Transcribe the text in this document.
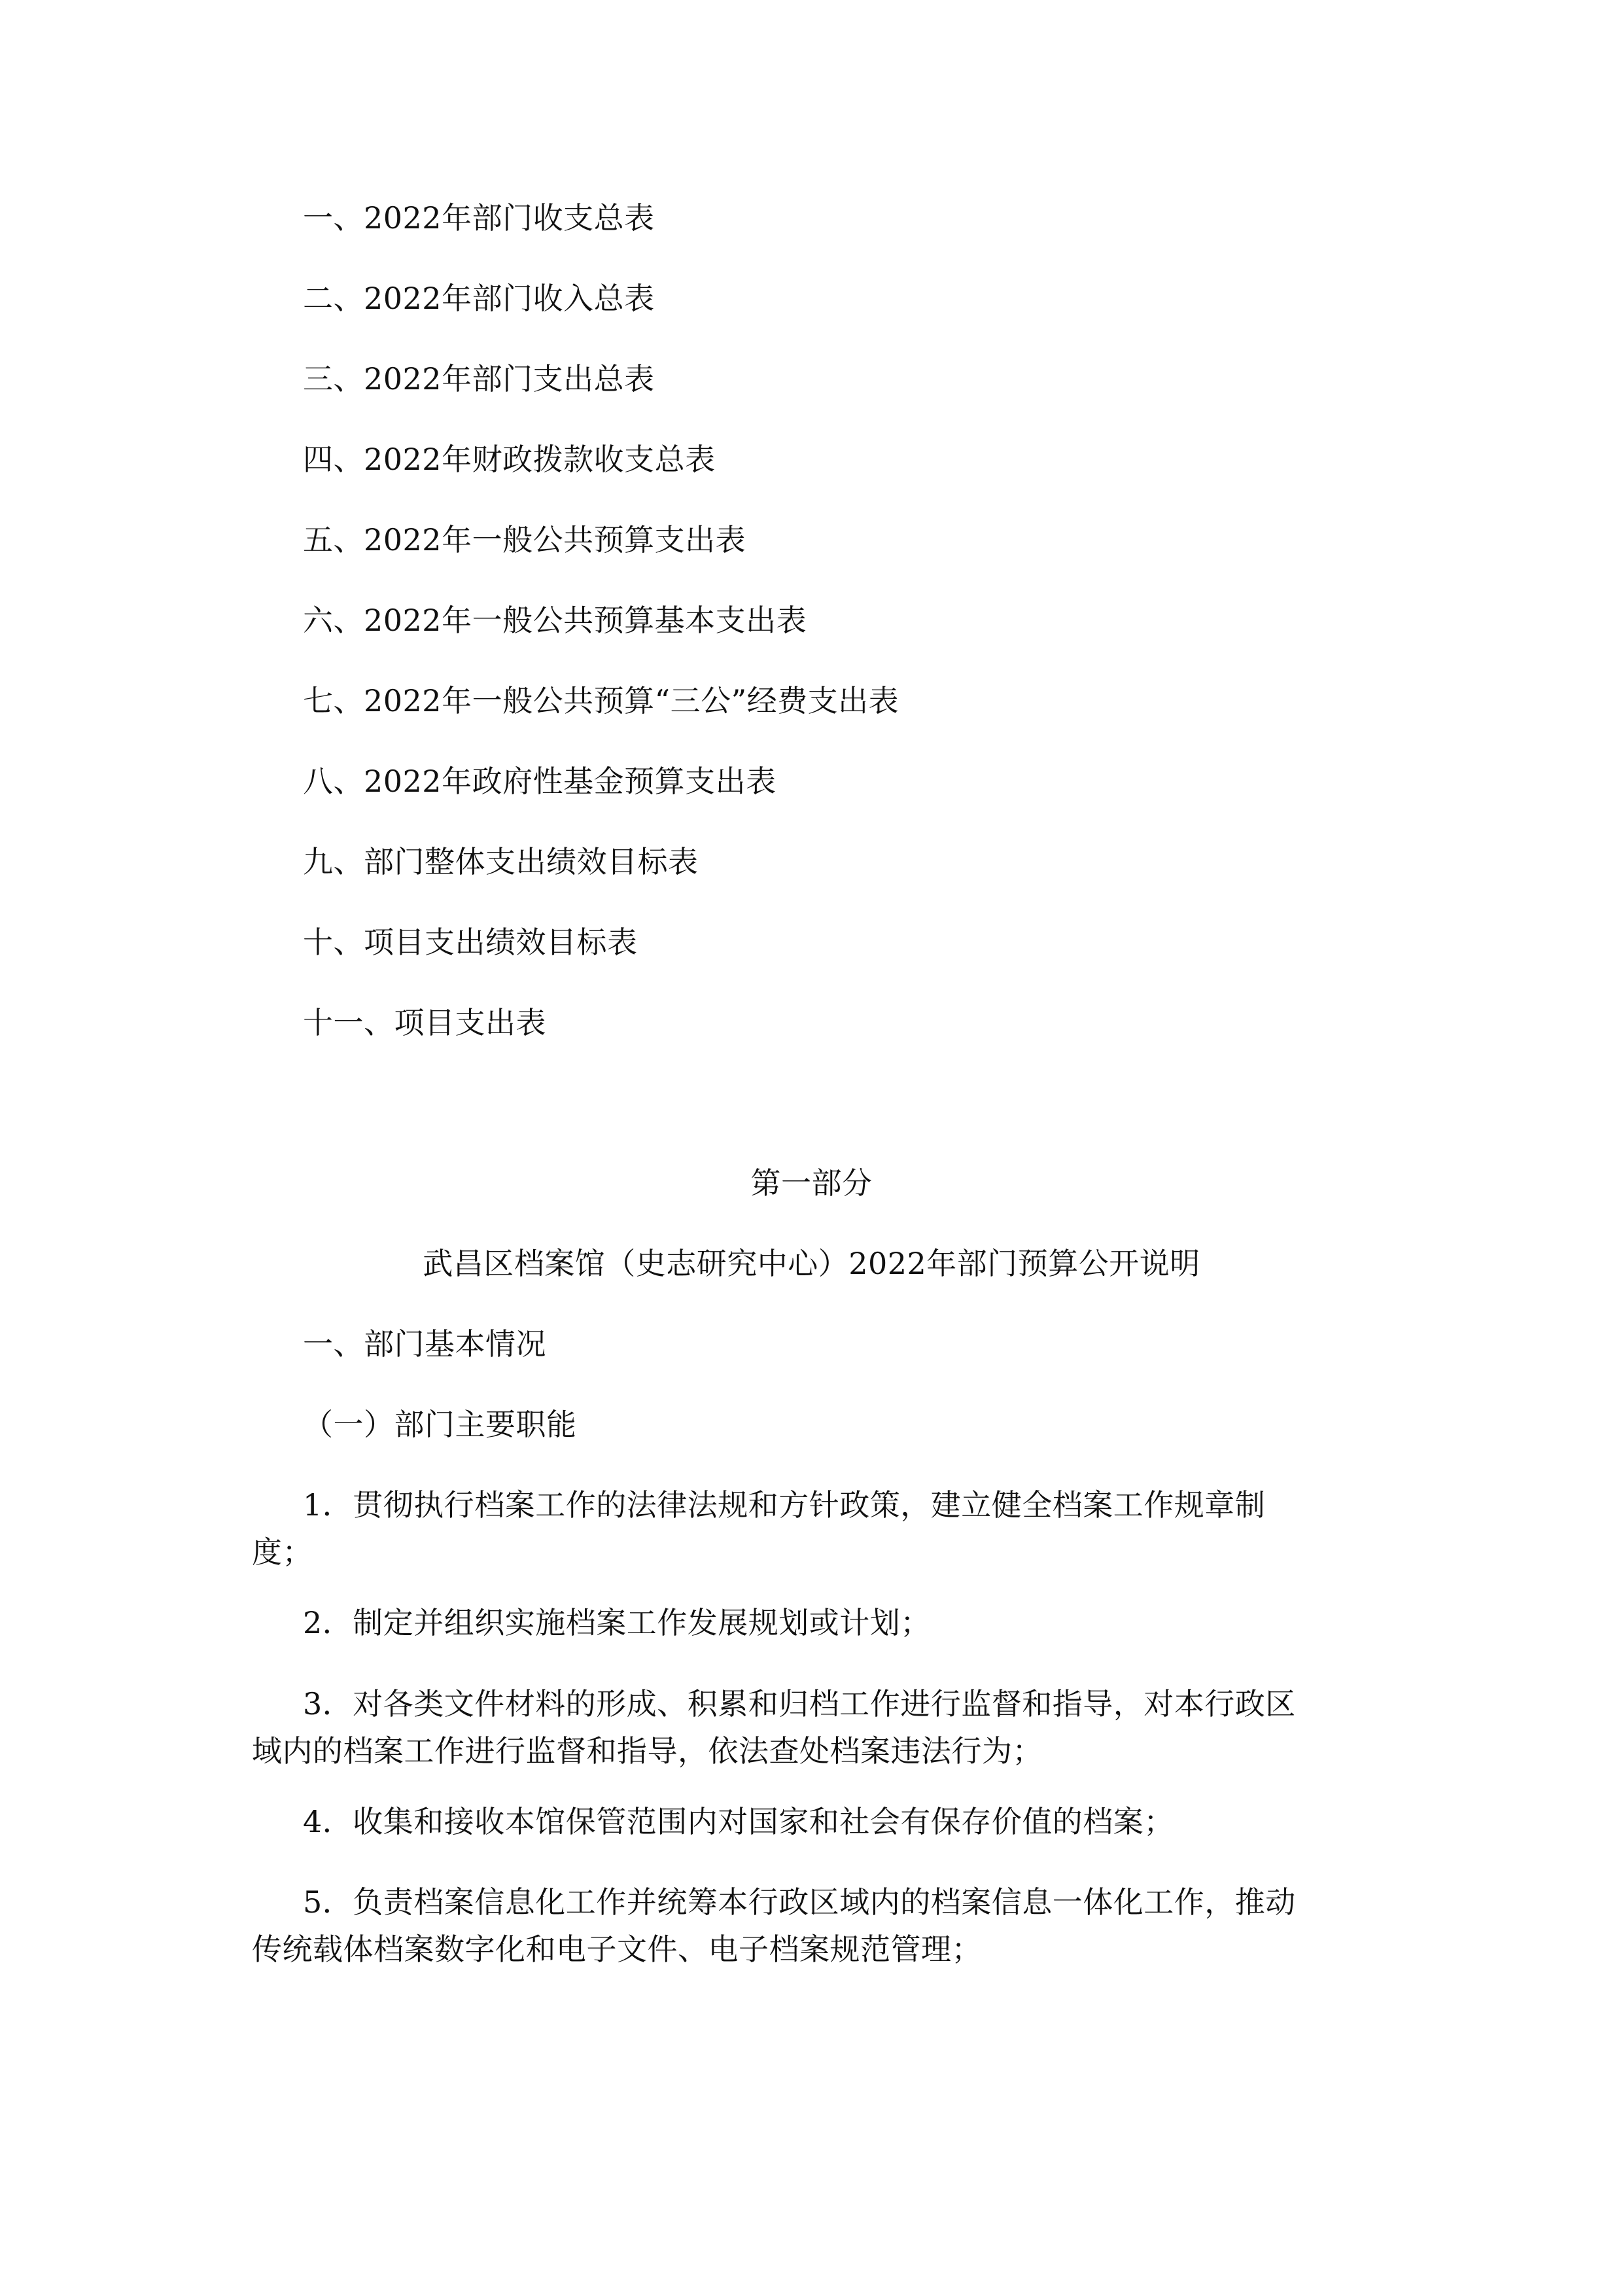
一、2022年部门收支总表
二、2022年部门收入总表
三、2022年部门支出总表
四、2022年财政拨款收支总表
五、2022年一般公共预算支出表
六、2022年一般公共预算基本支出表
七、2022年一般公共预算“三公”经费支出表
八、2022年政府性基金预算支出表
九、部门整体支出绩效目标表
十、项目支出绩效目标表
十一、项目支出表
第一部分
武昌区档案馆（史志研究中心）2022年部门预算公开说明
一、部门基本情况
（一）部门主要职能
1．贯彻执行档案工作的法律法规和方针政策，建立健全档案工作规章制
度；
2．制定并组织实施档案工作发展规划或计划；
3．对各类文件材料的形成、积累和归档工作进行监督和指导，对本行政区
域内的档案工作进行监督和指导，依法查处档案违法行为；
4．收集和接收本馆保管范围内对国家和社会有保存价值的档案；
5．负责档案信息化工作并统筹本行政区域内的档案信息一体化工作，推动
传统载体档案数字化和电子文件、电子档案规范管理；
